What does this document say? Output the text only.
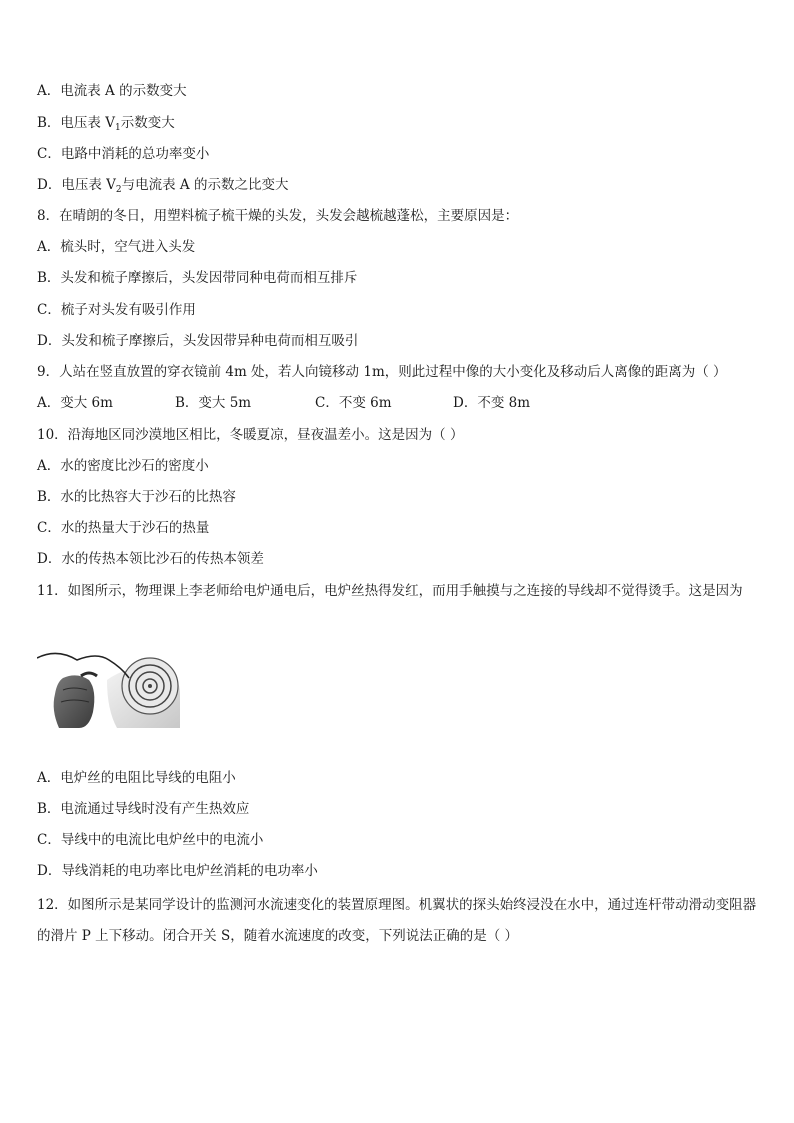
A．电流表 A 的示数变大
B．电压表 $V_1$示数变大
C．电路中消耗的总功率变小
D．电压表 $V_2$与电流表 A 的示数之比变大
8．在晴朗的冬日，用塑料梳子梳干燥的头发，头发会越梳越蓬松，主要原因是：
A．梳头时，空气进入头发
B．头发和梳子摩擦后，头发因带同种电荷而相互排斥
C．梳子对头发有吸引作用
D．头发和梳子摩擦后，头发因带异种电荷而相互吸引
9．人站在竖直放置的穿衣镜前 4m 处，若人向镜移动 1m，则此过程中像的大小变化及移动后人离像的距离为（ ）
A．变大 6m	B．变大 5m	C．不变 6m	D．不变 8m
10．沿海地区同沙漠地区相比，冬暖夏凉，昼夜温差小。这是因为（ ）
A．水的密度比沙石的密度小
B．水的比热容大于沙石的比热容
C．水的热量大于沙石的热量
D．水的传热本领比沙石的传热本领差
11．如图所示，物理课上李老师给电炉通电后，电炉丝热得发红，而用手触摸与之连接的导线却不觉得烫手。这是因为
A．电炉丝的电阻比导线的电阻小
B．电流通过导线时没有产生热效应
C．导线中的电流比电炉丝中的电流小
D．导线消耗的电功率比电炉丝消耗的电功率小
12．如图所示是某同学设计的监测河水流速变化的装置原理图。机翼状的探头始终浸没在水中，通过连杆带动滑动变阻器的滑片 P 上下移动。闭合开关 S，随着水流速度的改变，下列说法正确的是（ ）
